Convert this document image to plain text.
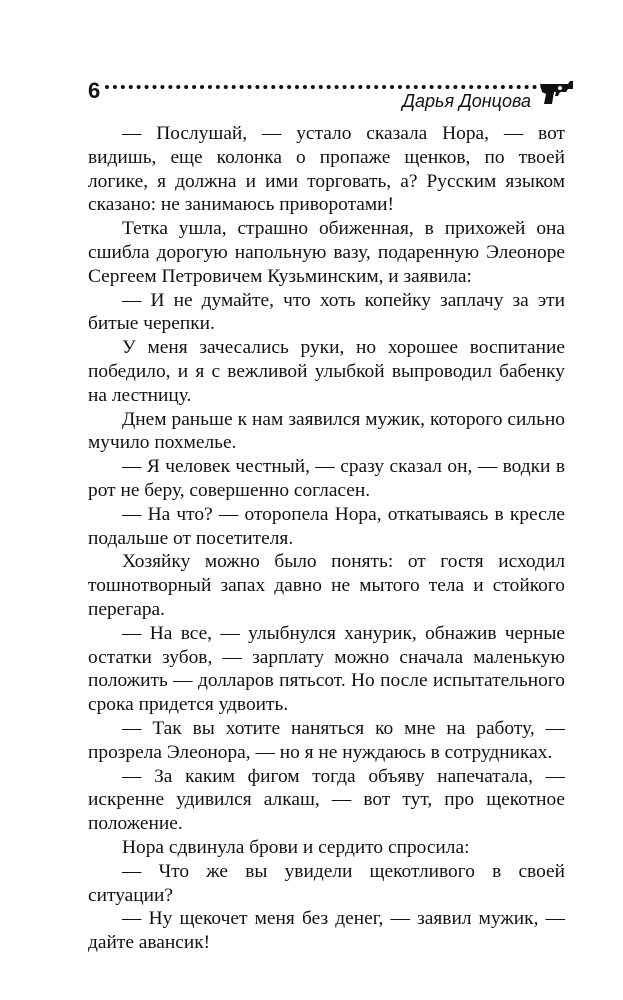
6	Дарья Донцова

— Послушай, — устало сказала Нора, — вот видишь, еще колонка о пропаже щенков, по твоей логике, я должна и ими торговать, а? Русским языком сказано: не занимаюсь приворотами!

Тетка ушла, страшно обиженная, в прихожей она сшибла дорогую напольную вазу, подаренную Элеоноре Сергеем Петровичем Кузьминским, и заявила:

— И не думайте, что хоть копейку заплачу за эти битые черепки.

У меня зачесались руки, но хорошее воспитание победило, и я с вежливой улыбкой выпроводил бабенку на лестницу.

Днем раньше к нам заявился мужик, которого сильно мучило похмелье.

— Я человек честный, — сразу сказал он, — водки в рот не беру, совершенно согласен.

— На что? — оторопела Нора, откатываясь в кресле подальше от посетителя.

Хозяйку можно было понять: от гостя исходил тошнотворный запах давно не мытого тела и стойкого перегара.

— На все, — улыбнулся ханурик, обнажив черные остатки зубов, — зарплату можно сначала маленькую положить — долларов пятьсот. Но после испытательного срока придется удвоить.

— Так вы хотите наняться ко мне на работу, — прозрела Элеонора, — но я не нуждаюсь в сотрудниках.

— За каким фигом тогда объяву напечатала, — искренне удивился алкаш, — вот тут, про щекотное положение.

Нора сдвинула брови и сердито спросила:

— Что же вы увидели щекотливого в своей ситуации?

— Ну щекочет меня без денег, — заявил мужик, — дайте авансик!
